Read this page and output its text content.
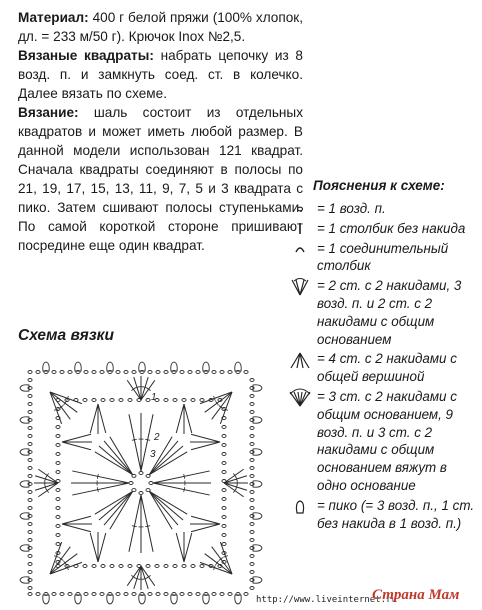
Материал: 400 г белой пряжи (100% хлопок, дл. = 233 м/50 г). Крючок Inox №2,5.

Вязаные квадраты: набрать цепочку из 8 возд. п. и замкнуть соед. ст. в колечко. Далее вязать по схеме.

Вязание: шаль состоит из отдельных квадратов и может иметь любой размер. В данной модели использован 121 квадрат. Сначала квадраты соединяют в полосы по 21, 19, 17, 15, 13, 11, 9, 7, 5 и 3 квадрата с пико. Затем сшивают полосы ступеньками. По самой короткой стороне пришивают посредине еще один квадрат.

Схема вязки
1
2
3
Пояснения к схеме:
= 1 возд. п.
= 1 столбик без накида
= 1 соединительный столбик
= 2 ст. с 2 накидами, 3 возд. п. и 2 ст. с 2 накидами с общим основанием
= 4 ст. с 2 накидами с общей вершиной
= 3 ст. с 2 накидами с общим основанием, 9 возд. п. и 3 ст. с 2 накидами с общим основанием вяжут в одно основание
= пико (= 3 возд. п., 1 ст. без накида в 1 возд. п.)
http://www.liveinternet.ru
Страна Мам
